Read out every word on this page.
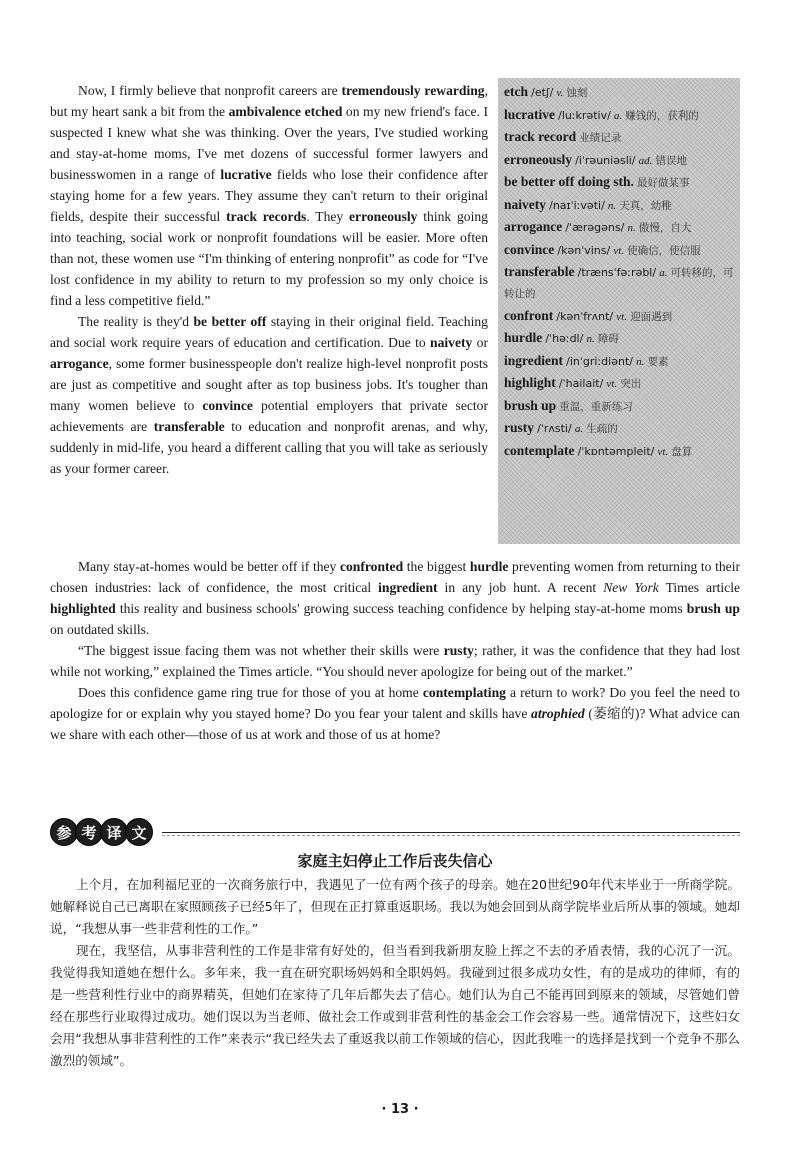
Now, I firmly believe that nonprofit careers are tremendously rewarding, but my heart sank a bit from the ambivalence etched on my new friend's face. I suspected I knew what she was thinking. Over the years, I've studied working and stay-at-home moms, I've met dozens of successful former lawyers and businesswomen in a range of lucrative fields who lose their confidence after staying home for a few years. They assume they can't return to their original fields, despite their successful track records. They erroneously think going into teaching, social work or nonprofit foundations will be easier. More often than not, these women use “I'm thinking of entering nonprofit” as code for “I've lost confidence in my ability to return to my profession so my only choice is find a less competitive field.”

The reality is they'd be better off staying in their original field. Teaching and social work require years of education and certification. Due to naivety or arrogance, some former businesspeople don't realize high-level nonprofit posts are just as competitive and sought after as top business jobs. It's tougher than many women believe to convince potential employers that private sector achievements are transferable to education and nonprofit arenas, and why, suddenly in mid-life, you heard a different calling that you will take as seriously as your former career.

etch /etʃ/ v. 蚀刻
lucrative /luːkrətiv/ a. 赚钱的，获利的
track record 业绩记录
erroneously /iˈrəuniəsli/ ad. 错误地
be better off doing sth. 最好做某事
naivety /naɪˈiːvəti/ n. 天真，幼稚
arrogance /ˈærəgəns/ n. 傲慢，自大
convince /kənˈvins/ vt. 使确信，使信服
transferable /trænsˈfəːrəbl/ a. 可转移的，可转让的
confront /kənˈfrʌnt/ vt. 迎面遇到
hurdle /ˈhəːdl/ n. 障碍
ingredient /inˈgriːdiənt/ n. 要素
highlight /ˈhailait/ vt. 突出
brush up 重温，重新练习
rusty /ˈrʌsti/ a. 生疏的
contemplate /ˈkɒntəmpleit/ vt. 盘算

Many stay-at-homes would be better off if they confronted the biggest hurdle preventing women from returning to their chosen industries: lack of confidence, the most critical ingredient in any job hunt. A recent New York Times article highlighted this reality and business schools' growing success teaching confidence by helping stay-at-home moms brush up on outdated skills.

“The biggest issue facing them was not whether their skills were rusty; rather, it was the confidence that they had lost while not working,” explained the Times article. “You should never apologize for being out of the market.”

Does this confidence game ring true for those of you at home contemplating a return to work? Do you feel the need to apologize for or explain why you stayed home? Do you fear your talent and skills have atrophied (萎缩的)? What advice can we share with each other—those of us at work and those of us at home?

参 考 译 文
家庭主妇停止工作后丧失信心

上个月，在加利福尼亚的一次商务旅行中，我遇见了一位有两个孩子的母亲。她在20世纪90年代末毕业于一所商学院。她解释说自己已离职在家照顾孩子已经5年了，但现在正打算重返职场。我以为她会回到从商学院毕业后所从事的领域。她却说，“我想从事一些非营利性的工作。”

现在，我坚信，从事非营利性的工作是非常有好处的，但当看到我新朋友脸上挥之不去的矛盾表情，我的心沉了一沉。我觉得我知道她在想什么。多年来，我一直在研究职场妈妈和全职妈妈。我碰到过很多成功女性，有的是成功的律师，有的是一些营利性行业中的商界精英，但她们在家待了几年后都失去了信心。她们认为自己不能再回到原来的领域，尽管她们曾经在那些行业取得过成功。她们误以为当老师、做社会工作或到非营利性的基金会工作会容易一些。通常情况下，这些妇女会用“我想从事非营利性的工作”来表示“我已经失去了重返我以前工作领域的信心，因此我唯一的选择是找到一个竞争不那么激烈的领域”。

· 13 ·
